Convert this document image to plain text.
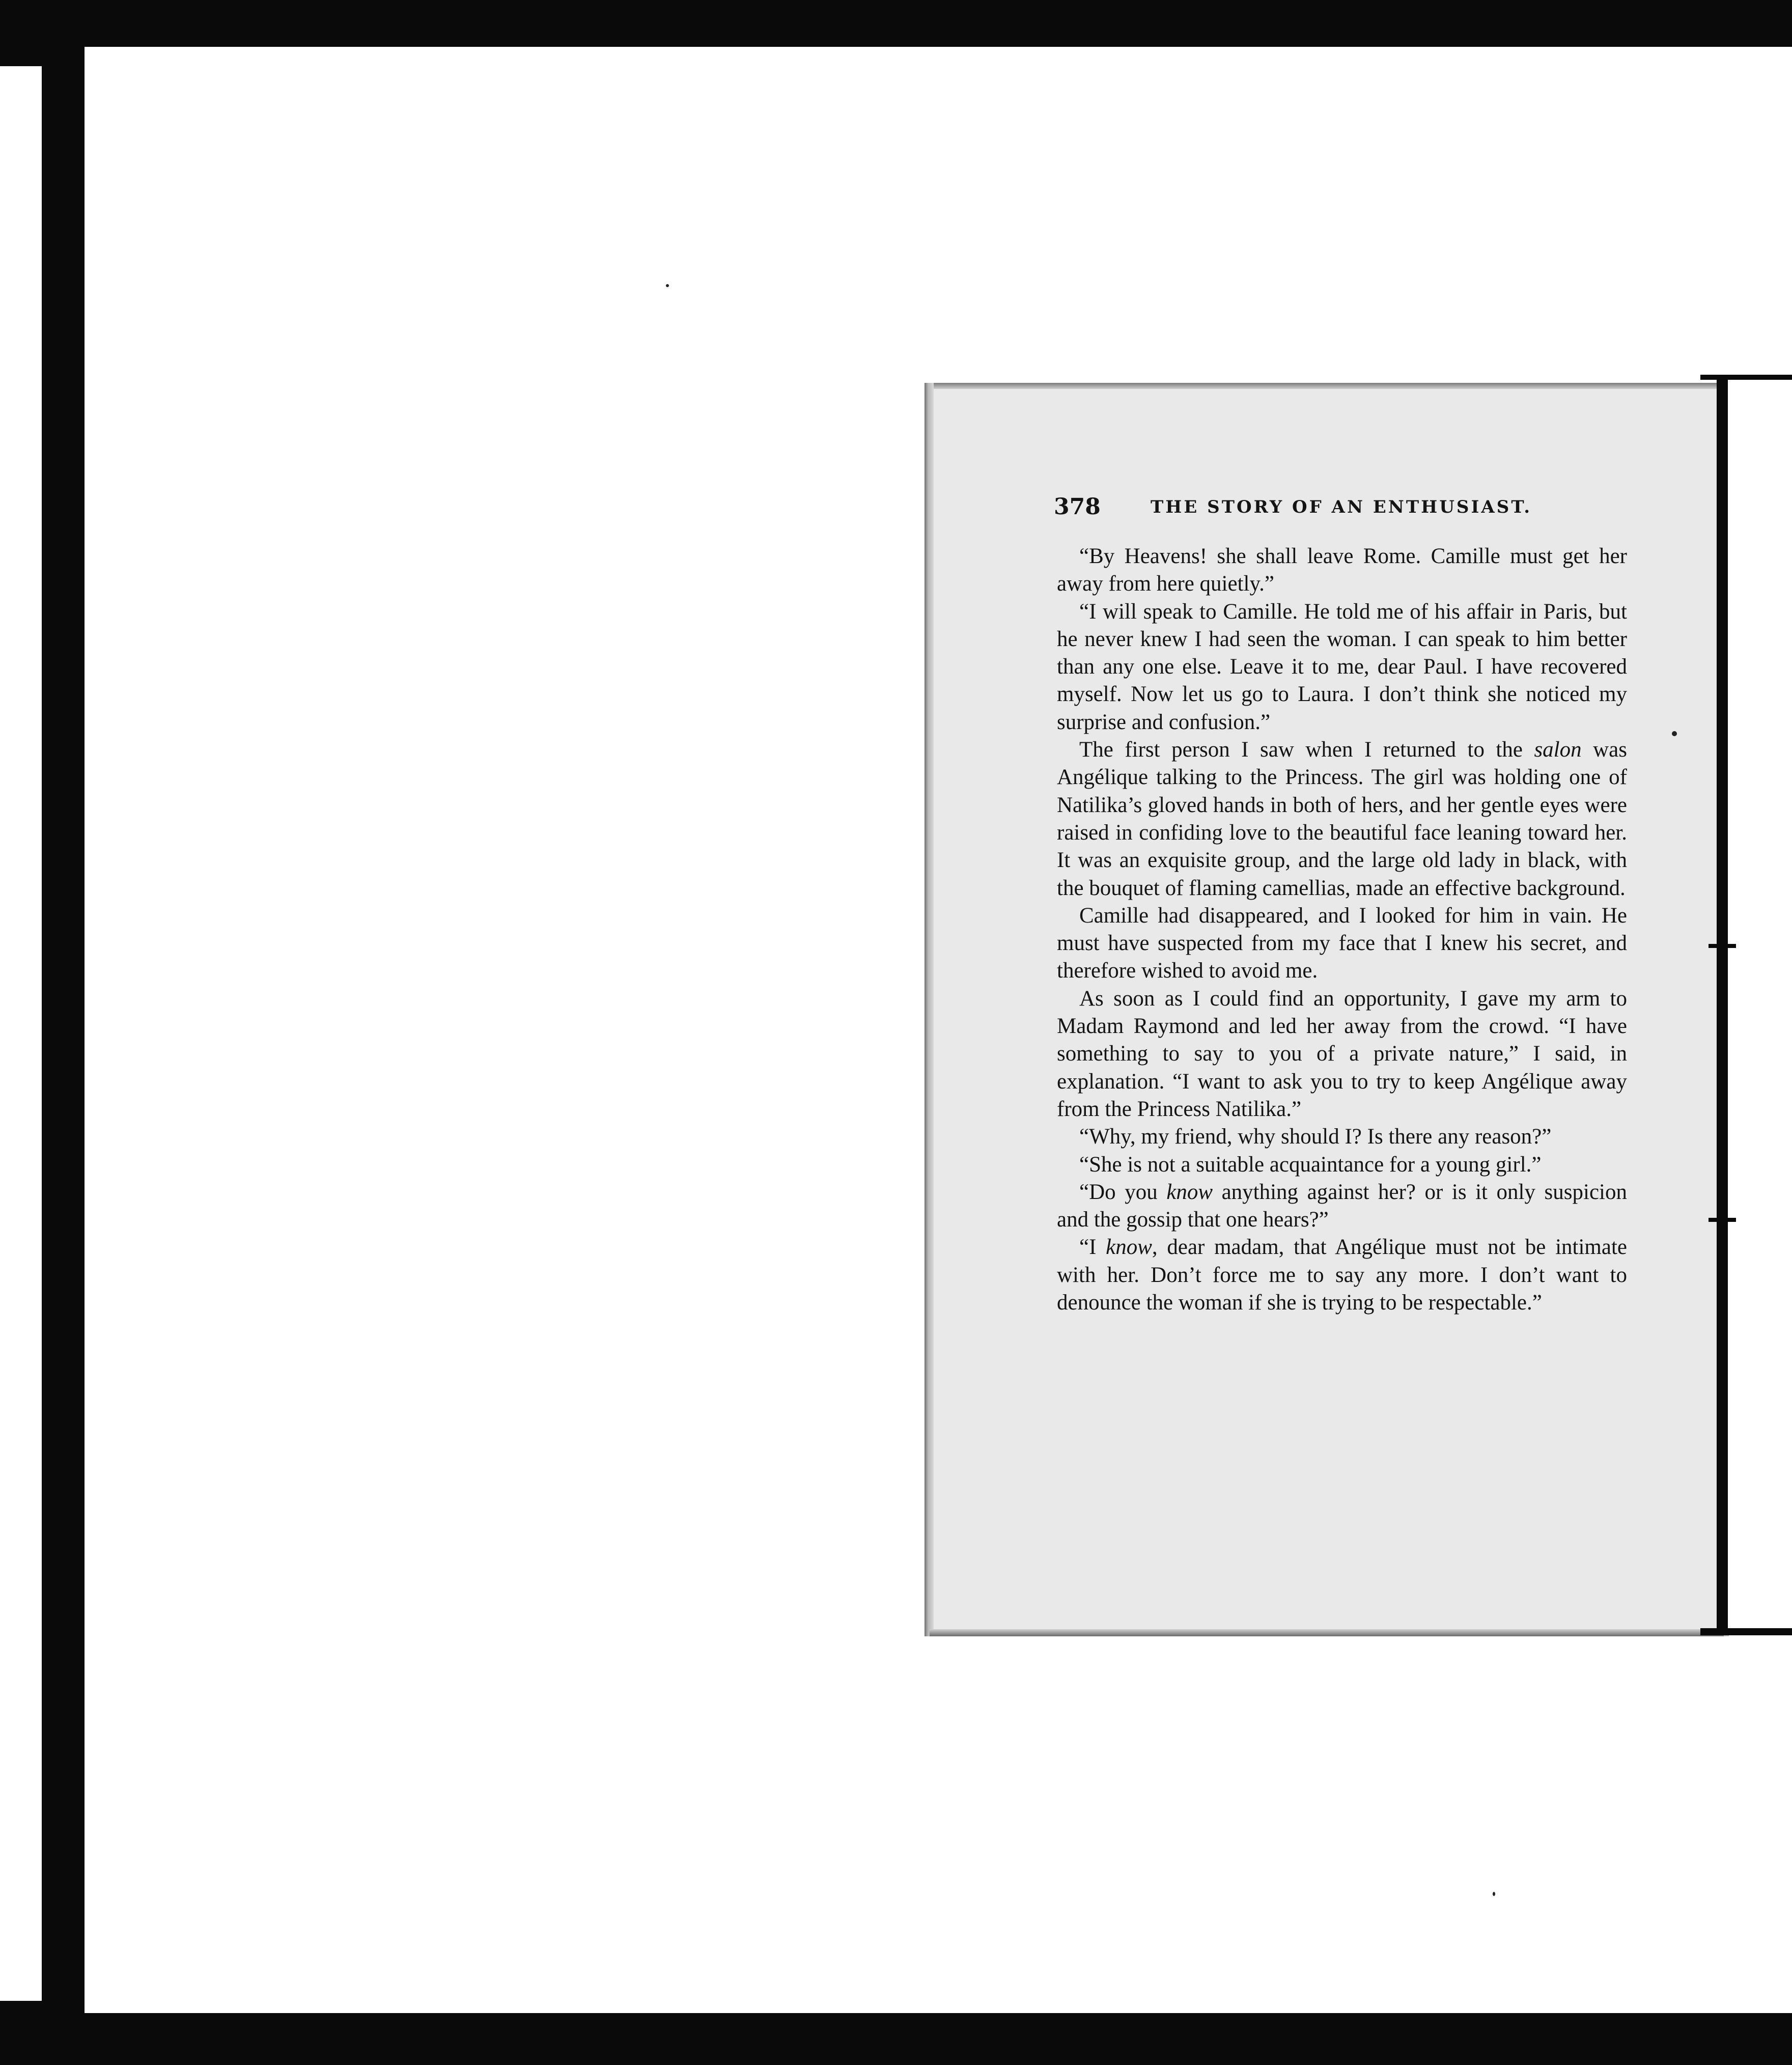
378	THE STORY OF AN ENTHUSIAST.

“By Heavens! she shall leave Rome. Camille must get her away from here quietly.”

“I will speak to Camille. He told me of his affair in Paris, but he never knew I had seen the woman. I can speak to him better than any one else. Leave it to me, dear Paul. I have recovered myself. Now let us go to Laura. I don’t think she noticed my surprise and confusion.”

The first person I saw when I returned to the salon was Angélique talking to the Princess. The girl was holding one of Natilika’s gloved hands in both of hers, and her gentle eyes were raised in confiding love to the beautiful face leaning toward her. It was an exquisite group, and the large old lady in black, with the bouquet of flaming camellias, made an effective background.

Camille had disappeared, and I looked for him in vain. He must have suspected from my face that I knew his secret, and therefore wished to avoid me.

As soon as I could find an opportunity, I gave my arm to Madam Raymond and led her away from the crowd. “I have something to say to you of a private nature,” I said, in explanation. “I want to ask you to try to keep Angélique away from the Princess Natilika.”

“Why, my friend, why should I? Is there any reason?”

“She is not a suitable acquaintance for a young girl.”

“Do you know anything against her? or is it only suspicion and the gossip that one hears?”

“I know, dear madam, that Angélique must not be intimate with her. Don’t force me to say any more. I don’t want to denounce the woman if she is trying to be respectable.”
